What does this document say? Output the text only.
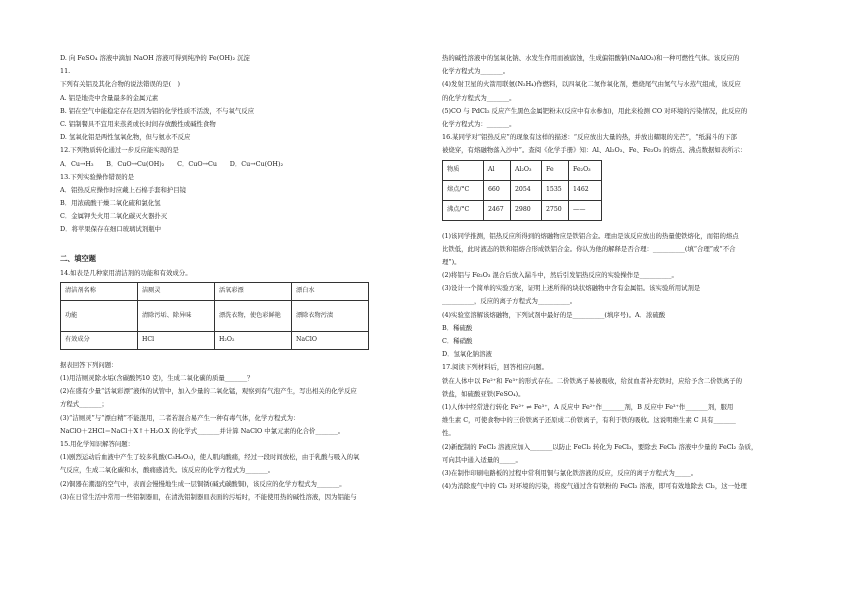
D. 向 FeSO₄ 溶液中滴加 NaOH 溶液可得到纯净的 Fe(OH)₂ 沉淀
11.
下列有关铝及其化合物的说法错误的是(　)
A. 铝是地壳中含量最多的金属元素
B. 铝在空气中能稳定存在是因为铝的化学性质不活泼，不与氧气反应
C. 铝制餐具不宜用来蒸煮或长时间存放酸性或碱性食物
D. 氢氧化铝是两性氢氧化物，但与氨水不反应
12.下列物质转化通过一步反应能实现的是
A．Cu→H₂　　B．CuO→Cu(OH)₂　　C．CuO→Cu　　D．Cu→Cu(OH)₂
13.下列实验操作错误的是
A．铝热反应操作时应戴上石棉手套和护目镜
B．用浓硫酸干燥二氧化硫和氯化氢
C．金属钾失火用二氧化碳灭火器扑灭
D．将苹果保存在细口玻璃试剂瓶中
二、填空题
14.如表是几种家用清洁剂的功能和有效成分。
清洁剂名称	洁厕灵	活氧彩漂	漂白水
功能	清除污垢、除异味	漂洗衣物，使色彩鲜艳	漂除衣物污渍
有效成分	HCl	H₂O₂	NaClO
据表回答下列问题：
(1)用洁厕灵除水垢(含碳酸钙10 克)，生成二氧化碳的质量_______？
(2)在盛有少量“活氧彩漂”液体的试管中，加入少量的二氧化锰，观察到有气泡产生，写出相关的化学反应
方程式_______；
(3)“洁厕灵”与“漂白精”不能混用，二者若混合易产生一种有毒气体，化学方程式为：
NaClO＋2HCl＝NaCl＋X↑＋H₂O.X 的化学式_______并计算 NaClO 中氯元素的化合价_______。
15.用化学知识解答问题：
(1)剧烈运动后血液中产生了较多乳酸(C₃H₆O₃)，使人肌肉酸痛，经过一段时间放松，由于乳酸与吸入的氧
气反应，生成二氧化碳和水，酸痛感消失。该反应的化学方程式为_______。
(2)铜器在潮湿的空气中，表面会慢慢地生成一层铜锈(碱式碳酸铜)，该反应的化学方程式为_______。
(3)在日常生活中常用一些铝制器皿，在清洗铝制器皿表面的污垢时，不能使用热的碱性溶液，因为铝能与
热的碱性溶液中的氢氧化钠、水发生作用而被腐蚀，生成偏铝酸钠(NaAlO₂)和一种可燃性气体。该反应的
化学方程式为_______。
(4)发射卫星的火箭用联氨(N₂H₄)作燃料，以四氧化二氮作氧化剂，燃烧尾气由氮气与水蒸气组成，该反应
的化学方程式为_______。
(5)CO 与 PdCl₂ 反应产生黑色金属钯粉末(反应中有水参加)，用此来检测 CO 对环境的污染情况，此反应的
化学方程式为：_______。
16.某同学对“铝热反应”的现象有这样的描述：“反应放出大量的热，并放出耀眼的光芒”，“纸漏斗的下部
被烧穿，有熔融物落入沙中”。查阅《化学手册》知：Al、Al₂O₃、Fe、Fe₂O₃ 的熔点、沸点数据如表所示：
物质	Al	Al₂O₃	Fe	Fe₂O₃
熔点/°C	660	2054	1535	1462
沸点/°C	2467	2980	2750	——
(1)该同学推测，铝热反应所得到的熔融物应是铁铝合金。理由是该反应放出的热量使铁熔化，而铝的熔点
比铁低，此时液态的铁和铝熔合形成铁铝合金。你认为他的解释是否合理：__________(填“合理”或“不合
理”)。
(2)将铝与 Fe₂O₃ 混合后放入漏斗中，然后引发铝热反应的实验操作是__________。
(3)设计一个简单的实验方案，证明上述所得的块状熔融物中含有金属铝。该实验所用试剂是
__________，反应的离子方程式为__________。
(4)实验室溶解该熔融物，下列试剂中最好的是__________(填序号)。A．浓硫酸
B．稀硫酸
C．稀硝酸
D．氢氧化钠溶液
17.阅读下列材料后，回答相应问题。
铁在人体中以 Fe²⁺和 Fe³⁺的形式存在。二价铁离子易被吸收，给贫血者补充铁时，应给予含二价铁离子的
铁盐，如硫酸亚铁(FeSO₄)。
(1)人体中经常进行转化 Fe²⁺ ⇌ Fe³⁺，A 反应中 Fe²⁺作_______剂，B 反应中 Fe³⁺作_______剂，服用
维生素 C，可使食物中的三价铁离子还原成二价铁离子，有利于铁的吸收。这说明维生素 C 具有_______
性。
(2)新配制的 FeCl₂ 溶液应加入_______以防止 FeCl₂ 转化为 FeCl₃，要除去 FeCl₃ 溶液中少量的 FeCl₂ 杂质，
可向其中通入适量的_____。
(3)在制作印刷电路板的过程中常利用铜与氯化铁溶液的反应，反应的离子方程式为_____。
(4)为消除废气中的 Cl₂ 对环境的污染，将废气通过含有铁粉的 FeCl₂ 溶液，即可有效地除去 Cl₂，这一处理
